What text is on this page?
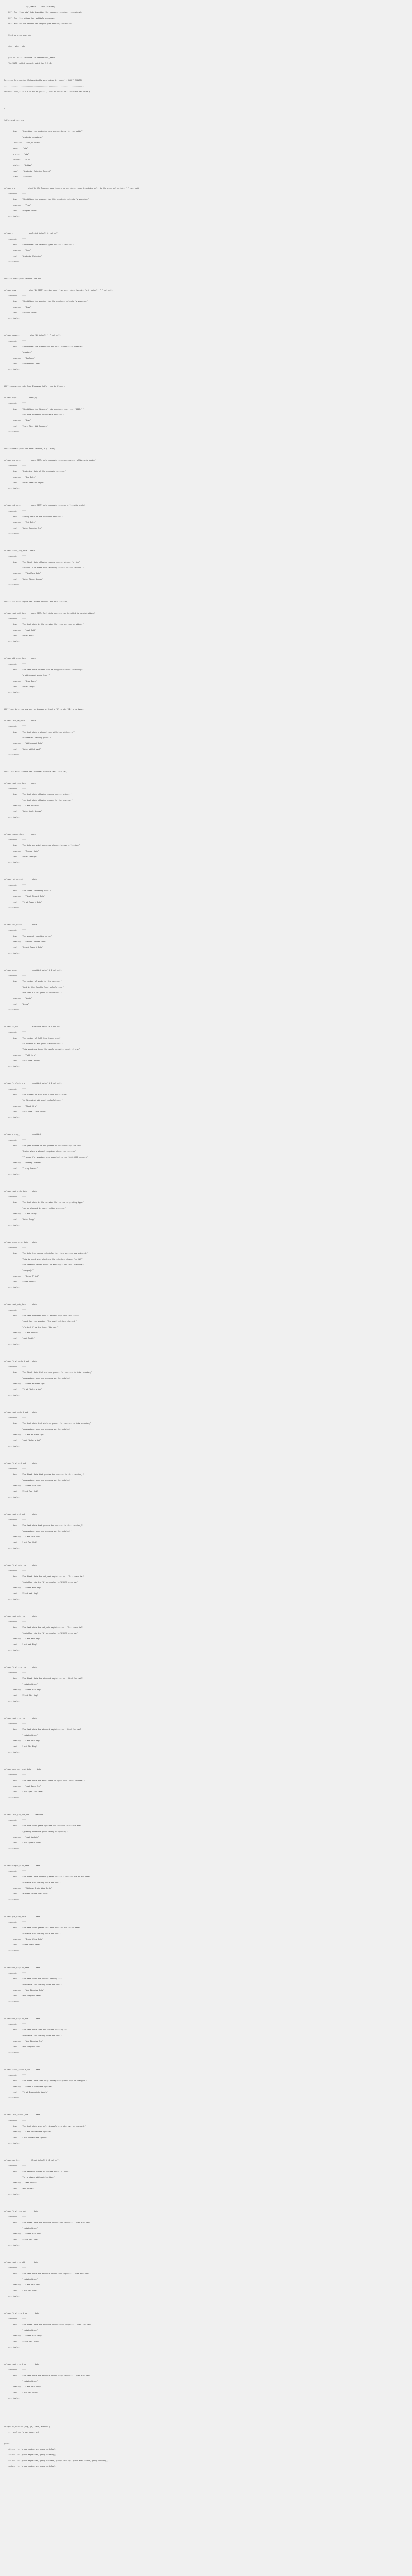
SQL_OWNER     DFDL (Studen)
DEF: The 'Isam_sis' tab describes the academic sessions (semesters).
DEF: The file allows for multiple programs.
DEF: Must be one record per program per session/subsession
Used by programs: adr
whs   sbm   adm
pre VALIDATE: Sessions to permissions_sesid
VALIDATE: Added current point for 5.2.0.
Revision Information (Automatically maintained by 'make' - DON'T CHANGE)
-------------------------------------------------------------------------
$Header: /cvs/sis/ 1.8 01-05-09 (1:23:1) 2013 FD-09 07:39:32 mrosato Released $
*
table acad_ses_sis
(
desc    "Describes the beginning and ending dates for the valid"
"academic sessions."
location    "DBS_STUDENT"
owner    "sis"
prefix    "sis"
columns    "1-7"
status    "Active"
label    "Academic Calendar Record"
class    "STUDENT"
column prg            char(3) KEY Program code from program table, record-contains only to the program) default " " not null
comments    """"
desc    "Identifies the program for this academic calendar's session."
heading    "Prog"
text    "Program Code"
attributes
;
column yr              smallint default 0 not null
comments    """"
desc    "Identifies the calendar year for this session."
heading    "Year"
text    "Academic Calendar"
attributes
;
OEF* calendar year session yed sid
column sess            char(4) [OEF* session code from sess table (scnrit for)  default " " not null
comments    """"
desc    "Identifies the session for the academic calendar's session."
heading    "Sess"
text    "Session Code"
attributes
;
column subsess          char(1) default " " not null
comments    """"
desc    "Identifies the subsession for this academic calendar's"
"session."
heading    "SubSess"
text    "Subsession Code"
attributes
;
OEF* subsession code from Isubsess table, may be blank )
column acyr            char(4)
comments    """"
desc    "Identifies the financial aid academic year, ex. '0809,'"
"for this academic calendar's session."
heading    "Acyr"
text    "Year: Fin. Aid Academic"
attributes
;
OEF* academic year for this session, e.g. 8788)
column beg_date          date [OEF: date academic session/semester officially begins]
comments    """"
desc    "Beginning date of the academic session."
heading    "Beg Date"
text    "Date: Session Begin"
attributes
;
column end_date          date [OEF* date academic session officially ends]
comments    """"
desc    "Ending date of the academic session."
heading    "End Date"
text    "Date: Session End"
attributes
;
column first_reg_date   date
comments    """"
desc    "The first date allowing course registrations for the"
"session. The first date allowing access to the session."
heading    "FirstReg Date"
text    "Date: First Access"
attributes
;
OEF* first date reg/if can access courses for this session)
column last_add_date     date [OEF: last date courses can be added to registrations]
comments    """"
desc    "The last date in the session that courses can be added."
heading    "Last Add"
text    "Date: Add"
attributes
;
column add_drop_date     date
comments    """"
desc    "The last date courses can be dropped without receiving"
"a withdrawal grade type."
heading    "Drop Date"
text    "Date: Drop"
attributes
;
OEF* last date courses can be dropped without a "W" grade,"WD" grep type)
column last_wd_date      date
comments    """"
desc    "The last date a student can withdraw without of"
"withdrawal failing grade."
heading    "Withdrawal Date"
text    "Date: Withdrawal"
attributes
;
OEF* last date student can withdraw without "WF" (aka "W")
column last_req_date     date
comments    """"
desc    "The last date allowing course registrations;"
"the last date allowing access to the session."
heading    "Last Access"
text    "Date: Last Access"
attributes
;
column change_date       date
comments    """"
desc    "The date on which add/drop charges become effective."
heading    "Charge Date"
text    "Date: Charge"
attributes
;
column rpt_dates1         date
comments    """"
desc    "The First reporting date."
heading    "First Report Date"
text    "First Report Date"
attributes
;
column rpt_date2          date
comments    """"
desc    "The second reporting date."
heading    "Second Report Date"
text    "Second Report Date"
attributes
;
column weeks              smallint default 0 not null
comments    """"
desc    "The number of weeks in the session."
"Used in the faculty load calculation,"
"and used in FAO grant calculations."
heading    "Weeks"
text    "Weeks"
attributes
;
column ft_hrs             smallint default 0 not null
comments    """"
desc    "The number of full time hours used"
"in financial aid grant calculations."
"This sessions terms the would normally equal 12 hrs."
heading    "Full Hrs"
text    "Full Time Hours"
attributes
;
column ft_clock_hrs       smallint default 0 not null
comments    """"
desc    "The number of full time Clock hours used"
"in financial aid grant calculations."
heading    "Clock Hrs"
text    "Full Time Clock Hours"
attributes
;
column prereg_yr          smallint
comments    """"
desc    "The year number of the phrase to be opener by the EHF"
"System when a student inquires about the session"
"(Process for sessions are expected in the 1000-1999 range.)"
heading    "Prereg Number"
text    "Prereg Number"
attributes
;
column last_grdg_date     date
comments    """"
desc    "The last date in the session that a course grading type"
"can be changed in registration process."
heading    "Last Grdg"
text    "Date: Grdg"
attributes
;
column sched_prnt_date    date
comments    """"
desc    "The date the course schedules for this session was printed."
"This is used when checking the schedule change fee (if"
"the session record based on meeting times and locations"
"changes)."
heading    "Sched Print"
text    "Sched Print"
attributes
;
column last_adm_date      date
comments    """"
desc    "The last admitted date a student may have and still"
"count for the session. The admitted date checked "
"\"orient from the trans_lim_rec.\""
heading    "Last Admit"
text    "Last Admit"
attributes
;
column first_midgrd_opt   date
comments    """"
desc    "The first date that midterm grades for courses in this session,"
"subsession, year and program may be updated."
heading    "First Midterm Opt"
text    "First Midterm Upd"
attributes
;
column last_midgrd_upd    date
comments    """"
desc    "The last date that midterm grades for courses in this session,"
"subsession, year and program may be updated."
heading    "Last Midterm Upd"
text    "Last Midterm Upd"
attributes
;
column first_grd_upd      date
comments    """"
desc    "The first date that grades for courses in this session,"
"subsession, year and program may be updated."
heading    "First Grd Upd"
text    "First Grd Upd"
attributes
;
column last_grd_upd       date
comments    """"
desc    "The last date that grades for courses in this session,"
"subsession, year and program may be updated."
heading    "Last Grd Upd"
text    "Last Grd Upd"
attributes
;
column first_web_reg      date
comments    """"
desc    "The first date for web/web registration.  This check is"
"installed via the 'A' parameter to WEBREF program."
heading    "First Web Reg"
text    "First Web Reg"
attributes
;
column last_web_reg       date
comments    """"
desc    "The last date for web/web registration.  This check is"
"installed via the 'A' parameter to WEBREF program."
heading    "Last Web Reg"
text    "Last Web Reg"
attributes
;
column first_stu_reg      date
comments    """"
desc    "The first date for student registration.  Used for web"
"registration."
heading    "First Stu Reg"
text    "First Stu Reg"
attributes
;
column last_stu_reg       date
comments    """"
desc    "The last date for student registration.  Used for web"
"registration."
heading    "Last Stu Reg"
text    "Last Stu Reg"
attributes
;
column open_enr_stat_date     date
comments    """"
desc    "The last date for enrollment in open enrollment courses."
heading    "Last Open Enr"
text    "Last Open Enr Date"
attributes
;
column last_grd_upd_hrs     smallint
comments    """"
desc    "The time when grade updates via the web interface are"
"(grading deadline grade entry or update)."
heading    "Last Update"
text    "Last Update Time"
attributes
;
column midgrd_view_date      date
comments    """"
desc    "The first date midterm grades for this session are to be made"
"viewable for viewing over the web."
heading    "Midterm Grade View Date"
text    "Midterm Grade View Date"
attributes
;
column grd_view_date         date
comments    """"
desc    "The date when grades for this session are to be made"
"viewable for viewing over the web."
heading    "Grade View Date"
text    "Grade View Date"
attributes
;
column web_display_date      date
comments    """"
desc    "The date when the course catalog is"
"available for viewing over the web."
heading    "Web Display Date"
text    "Web Display Date"
attributes
;
column web_display_end       date
comments    """"
desc    "The last date when the course catalog is"
"available for viewing over the web."
heading    "Web Display End"
text    "Web Display End"
attributes
;
column first_incmple_upd     date
comments    """"
desc    "The first date when only incomplete grades may be changed."
heading    "First Incomplete Update"
text    "First Incomplete Update"
attributes
;
column last_incmpl_upd       date
comments    """"
desc    "The last date when only incomplete grades may be changed."
heading    "Last Incomplete Update"
text    "Last Incomplete Update"
attributes
;
column max_hrs           float default 0.0 not null
comments    """"
desc    "The maximum number of course hours allowed "
"for a given sid/registration."
heading    "Max Hours"
text    "Max Hours"
attributes
;
column first_reg_opt       date
comments    """"
desc    "The first date for student course add requests.  Used for web"
"registration."
heading    "First Stu Add"
text    "First Stu Add"
attributes
;
column last_stu_add        date
comments    """"
desc    "The last date for student course add requests.  Used for web"
"registration."
heading    "Last Stu Add"
text    "Last Stu Add"
attributes
;
column first_stu_drop       date
comments    """"
desc    "The first date for student course drop requests.  Used for web"
"registration."
heading    "First Stu Drop"
text    "First Stu Drop"
attributes
;
column last_stu_drop        date
comments    """"
desc    "The last date for student course drop requests.  Used for web"
"registration."
heading    "Last Stu Drop"
text    "Last Stu Drop"
attributes
;
)
unique ac_prim on (prg, yr, sess, subsess)
sv, sec3 on (prog, desc, yr)
grant
delete  to (group registrar, group catalog);
insert  to (group registrar, group catalog);
select  to (group registrar, group student, group catalog, group admissions, group billing);
update  to (group registrar, group catalog);
